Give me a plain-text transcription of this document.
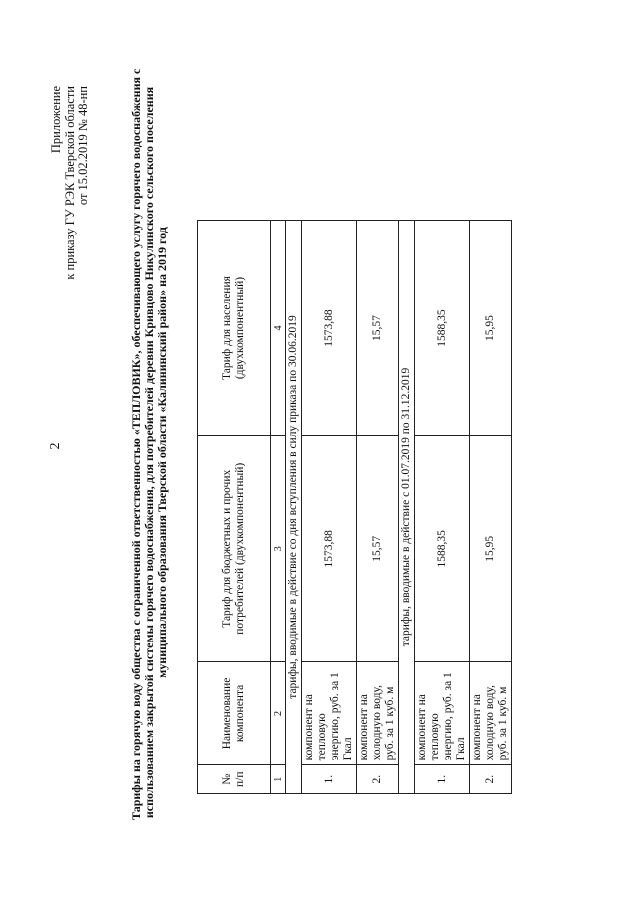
2
Приложение к приказу ГУ РЭК Тверской области от 15.02.2019 № 48-нп	Тарифы на горячую воду общества с ограниченной ответственностью «ТЕПЛОВИК», обеспечивающего услугу горячего водоснабжения с использованием закрытой системы горячего водоснабжения, для потребителей деревни Кривцово Никулинского сельского поселения муниципального образования Тверской области «Калининский район» на 2019 год
№ п/п	Наименование компонента	Тариф для бюджетных и прочих потребителей (двухкомпонентный)	Тариф для населения (двухкомпонентный)
1	2	3	4
тарифы, вводимые в действие со дня вступления в силу приказа по 30.06.2019			
1.	компонент на тепловую энергию, руб. за 1 Гкал	1573,88	1573,88
2.	компонент на холодную воду, руб. за 1 куб. м	15,57	15,57
тарифы, вводимые в действие с 01.07.2019 по 31.12.2019			
1.	компонент на тепловую энергию, руб. за 1 Гкал	1588,35	1588,35
2.	компонент на холодную воду, руб. за 1 куб. м	15,95	15,95
